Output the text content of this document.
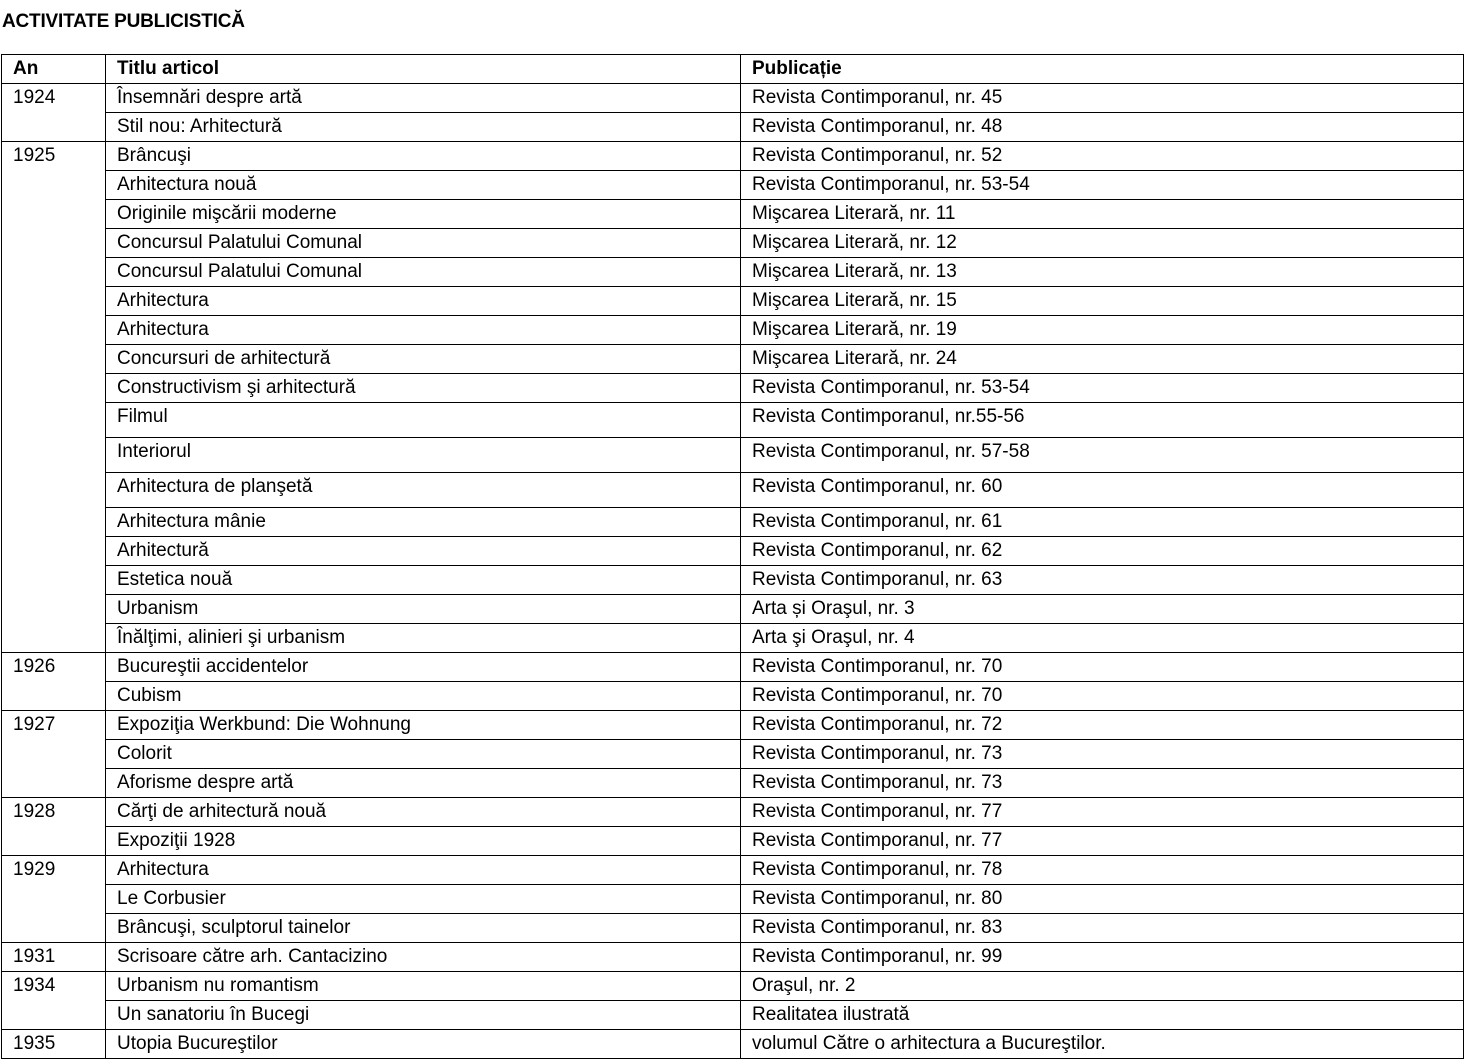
ACTIVITATE PUBLICISTICĂ
An	Titlu articol	Publicație
1924	Însemnări despre artă	Revista Contimporanul, nr. 45
	Stil nou: Arhitectură	Revista Contimporanul, nr. 48
1925	Brâncuşi	Revista Contimporanul, nr. 52
	Arhitectura nouă	Revista Contimporanul, nr. 53-54
	Originile mişcării moderne	Mişcarea Literară, nr. 11
	Concursul Palatului Comunal	Mişcarea Literară, nr. 12
	Concursul Palatului Comunal	Mişcarea Literară, nr. 13
	Arhitectura	Mişcarea Literară, nr. 15
	Arhitectura	Mişcarea Literară, nr. 19
	Concursuri de arhitectură	Mişcarea Literară, nr. 24
	Constructivism şi arhitectură	Revista Contimporanul, nr. 53-54
	Filmul	Revista Contimporanul, nr.55-56
	Interiorul	Revista Contimporanul, nr. 57-58
	Arhitectura de planşetă	Revista Contimporanul, nr. 60
	Arhitectura mânie	Revista Contimporanul, nr. 61
	Arhitectură	Revista Contimporanul, nr. 62
	Estetica nouă	Revista Contimporanul, nr. 63
	Urbanism	Arta și Oraşul, nr. 3
	Înălţimi, alinieri şi urbanism	Arta şi Oraşul, nr. 4
1926	Bucureştii accidentelor	Revista Contimporanul, nr. 70
	Cubism	Revista Contimporanul, nr. 70
1927	Expoziţia Werkbund: Die Wohnung	Revista Contimporanul, nr. 72
	Colorit	Revista Contimporanul, nr. 73
	Aforisme despre artă	Revista Contimporanul, nr. 73
1928	Cărţi de arhitectură nouă	Revista Contimporanul, nr. 77
	Expoziţii 1928	Revista Contimporanul, nr. 77
1929	Arhitectura	Revista Contimporanul, nr. 78
	Le Corbusier	Revista Contimporanul, nr. 80
	Brâncuşi, sculptorul tainelor	Revista Contimporanul, nr. 83
1931	Scrisoare către arh. Cantacizino	Revista Contimporanul, nr. 99
1934	Urbanism nu romantism	Oraşul, nr. 2
	Un sanatoriu în Bucegi	Realitatea ilustrată
1935	Utopia Bucureştilor	volumul Către o arhitectura a Bucureştilor.
